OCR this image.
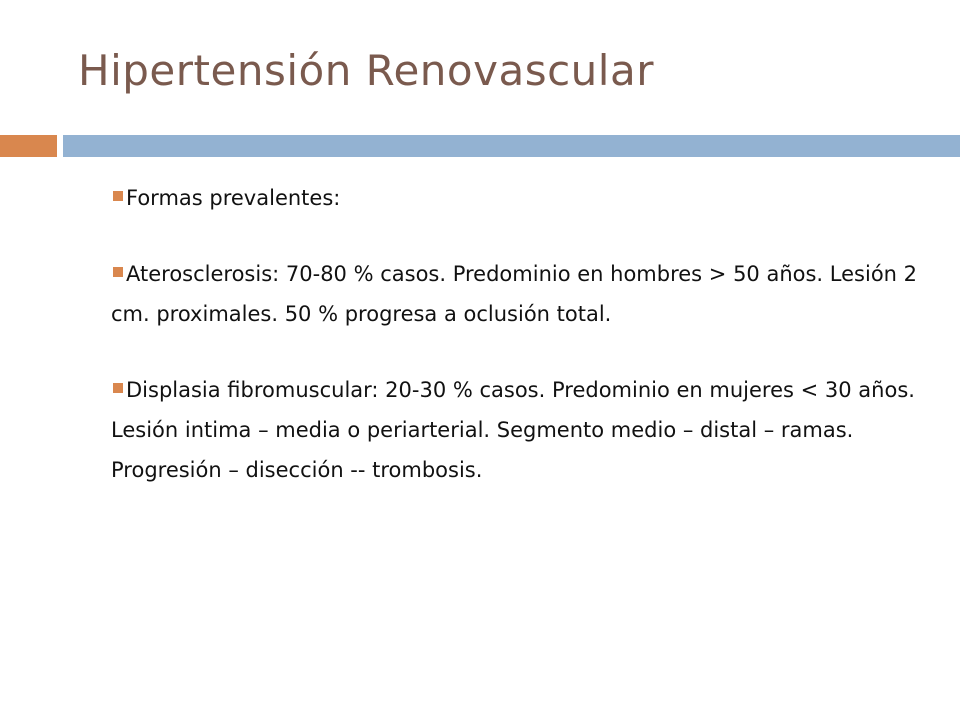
Hipertensión Renovascular
Formas prevalentes:
Aterosclerosis: 70-80 % casos. Predominio en hombres > 50 años. Lesión 2 cm. proximales. 50 % progresa a oclusión total.
Displasia fibromuscular: 20-30 % casos. Predominio en mujeres < 30 años. Lesión intima – media o periarterial. Segmento medio – distal – ramas. Progresión – disección -- trombosis.
